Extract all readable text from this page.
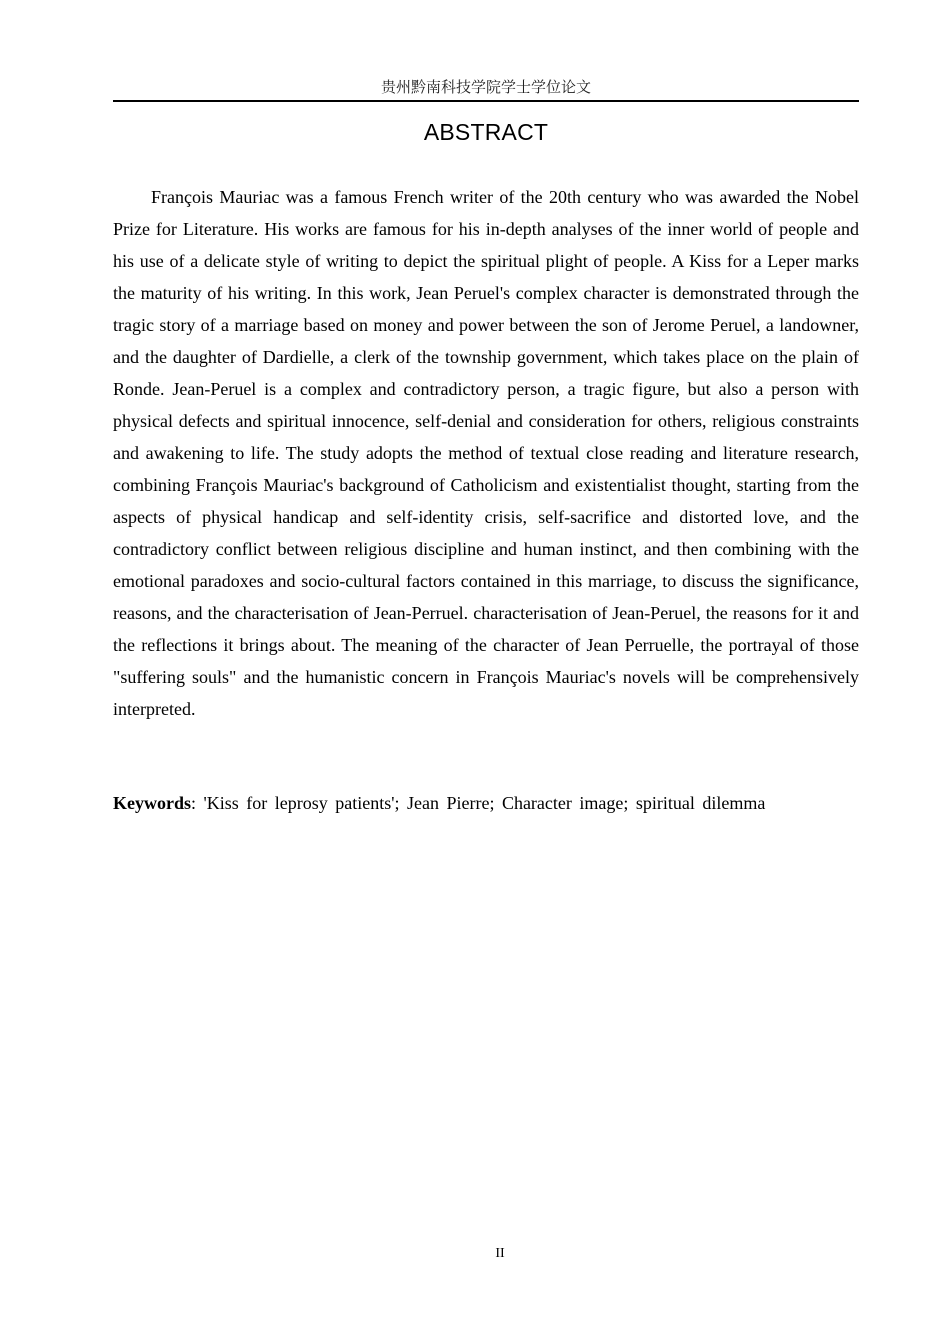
贵州黔南科技学院学士学位论文
ABSTRACT

François Mauriac was a famous French writer of the 20th century who was awarded the Nobel Prize for Literature. His works are famous for his in-depth analyses of the inner world of people and his use of a delicate style of writing to depict the spiritual plight of people. A Kiss for a Leper marks the maturity of his writing. In this work, Jean Peruel's complex character is demonstrated through the tragic story of a marriage based on money and power between the son of Jerome Peruel, a landowner, and the daughter of Dardielle, a clerk of the township government, which takes place on the plain of Ronde. Jean-Peruel is a complex and contradictory person, a tragic figure, but also a person with physical defects and spiritual innocence, self-denial and consideration for others, religious constraints and awakening to life. The study adopts the method of textual close reading and literature research, combining François Mauriac's background of Catholicism and existentialist thought, starting from the aspects of physical handicap and self-identity crisis, self-sacrifice and distorted love, and the contradictory conflict between religious discipline and human instinct, and then combining with the emotional paradoxes and socio-cultural factors contained in this marriage, to discuss the significance, reasons, and the characterisation of Jean-Perruel. characterisation of Jean-Peruel, the reasons for it and the reflections it brings about. The meaning of the character of Jean Perruelle, the portrayal of those "suffering souls" and the humanistic concern in François Mauriac's novels will be comprehensively interpreted.

Keywords: 'Kiss for leprosy patients'; Jean Pierre; Character image; spiritual dilemma

II
